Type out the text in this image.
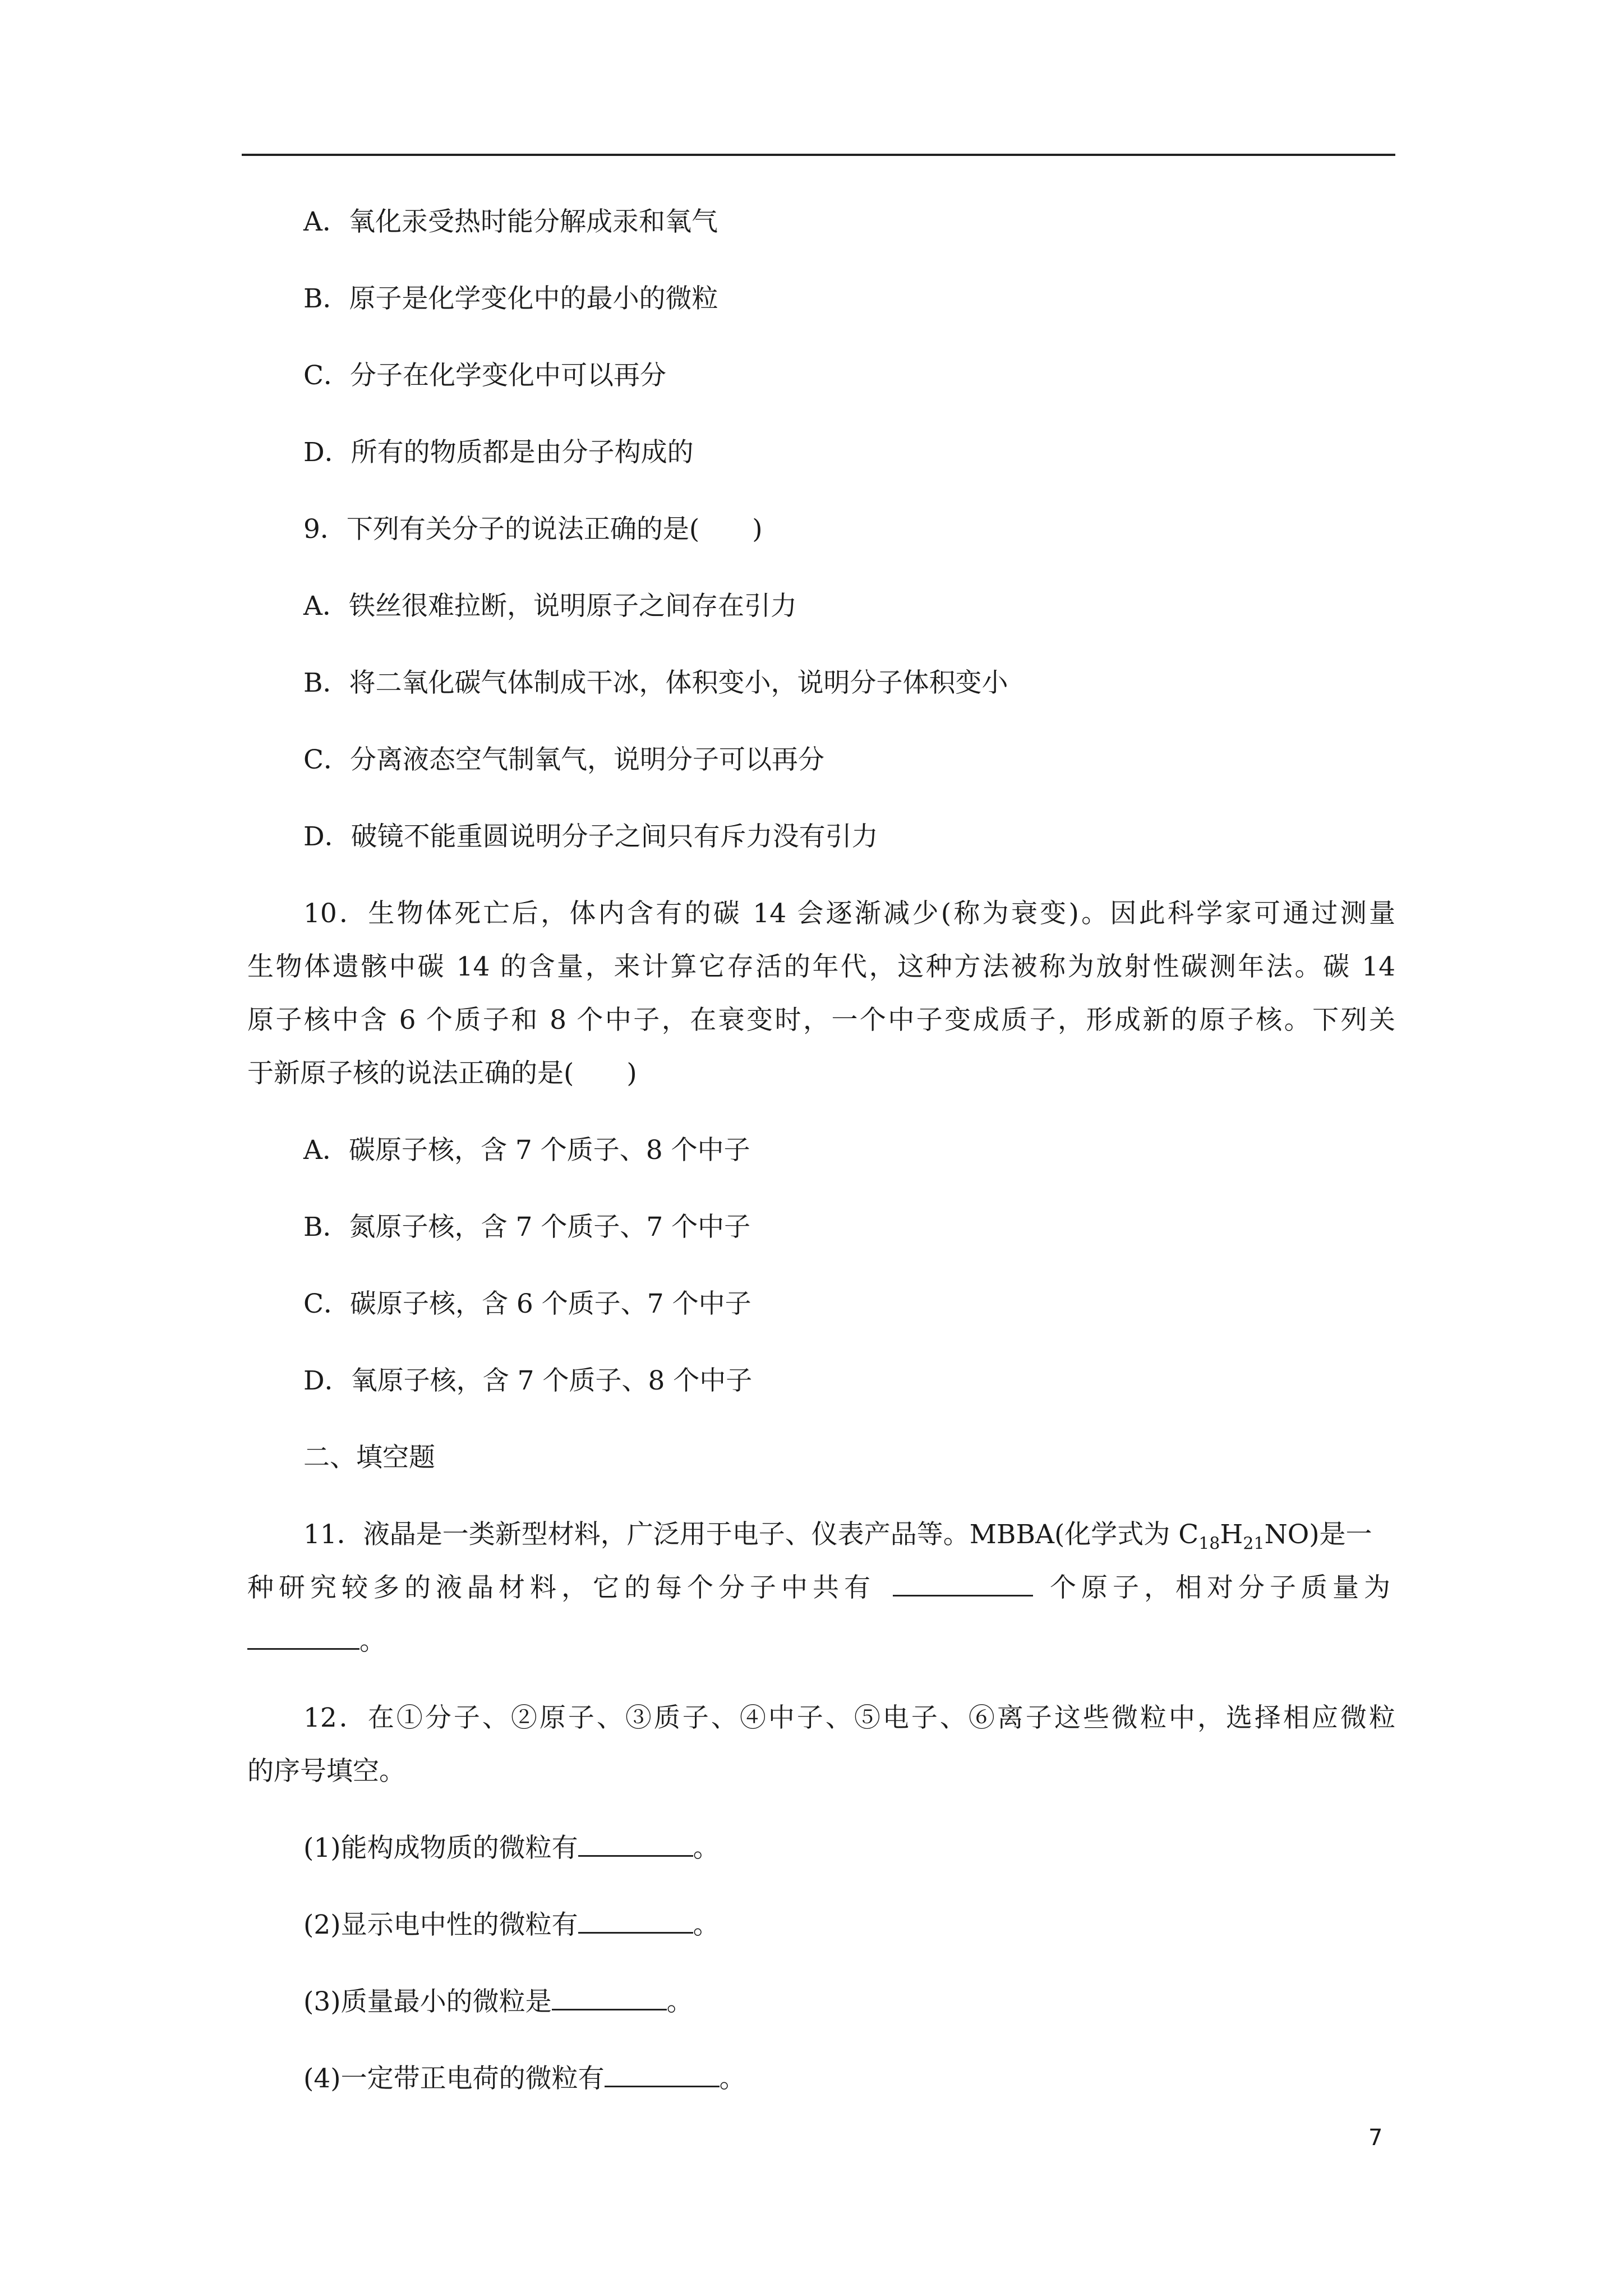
A．氧化汞受热时能分解成汞和氧气
B．原子是化学变化中的最小的微粒
C．分子在化学变化中可以再分
D．所有的物质都是由分子构成的
9．下列有关分子的说法正确的是(　　)
A．铁丝很难拉断，说明原子之间存在引力
B．将二氧化碳气体制成干冰，体积变小，说明分子体积变小
C．分离液态空气制氧气，说明分子可以再分
D．破镜不能重圆说明分子之间只有斥力没有引力
10．生物体死亡后，体内含有的碳 14 会逐渐减少(称为衰变)。因此科学家可通过测量
生物体遗骸中碳 14 的含量，来计算它存活的年代，这种方法被称为放射性碳测年法。碳 14
原子核中含 6 个质子和 8 个中子，在衰变时，一个中子变成质子，形成新的原子核。下列关
于新原子核的说法正确的是(　　)
A．碳原子核，含 7 个质子、8 个中子
B．氮原子核，含 7 个质子、7 个中子
C．碳原子核，含 6 个质子、7 个中子
D．氧原子核，含 7 个质子、8 个中子
二、填空题
11．液晶是一类新型材料，广泛用于电子、仪表产品等。MBBA(化学式为 $C_{18}H_{21}NO$)是一
种研究较多的液晶材料，它的每个分子中共有	个原子，相对分子质量为
。
12．在①分子、②原子、③质子、④中子、⑤电子、⑥离子这些微粒中，选择相应微粒
的序号填空。
(1)能构成物质的微粒有	。
(2)显示电中性的微粒有	。
(3)质量最小的微粒是	。
(4)一定带正电荷的微粒有	。
7
